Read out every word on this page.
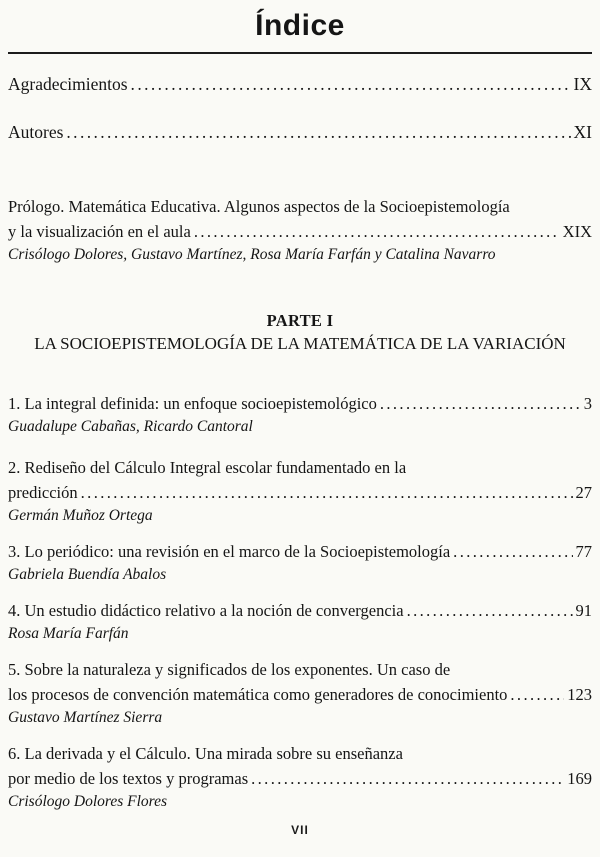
Índice
Agradecimientos .....	IX
Autores .....	XI
Prólogo. Matemática Educativa. Algunos aspectos de la Socioepistemología
y la visualización en el aula .....	XIX
Crisólogo Dolores, Gustavo Martínez, Rosa María Farfán y Catalina Navarro
PARTE I
LA SOCIOEPISTEMOLOGÍA DE LA MATEMÁTICA DE LA VARIACIÓN
1. La integral definida: un enfoque socioepistemológico .....	3
Guadalupe Cabañas, Ricardo Cantoral
2. Rediseño del Cálculo Integral escolar fundamentado en la
predicción .....	27
Germán Muñoz Ortega
3. Lo periódico: una revisión en el marco de la Socioepistemología .....	77
Gabriela Buendía Abalos
4. Un estudio didáctico relativo a la noción de convergencia .....	91
Rosa María Farfán
5. Sobre la naturaleza y significados de los exponentes. Un caso de
los procesos de convención matemática como generadores de conocimiento .....	123
Gustavo Martínez Sierra
6. La derivada y el Cálculo. Una mirada sobre su enseñanza
por medio de los textos y programas .....	169
Crisólogo Dolores Flores
VII
